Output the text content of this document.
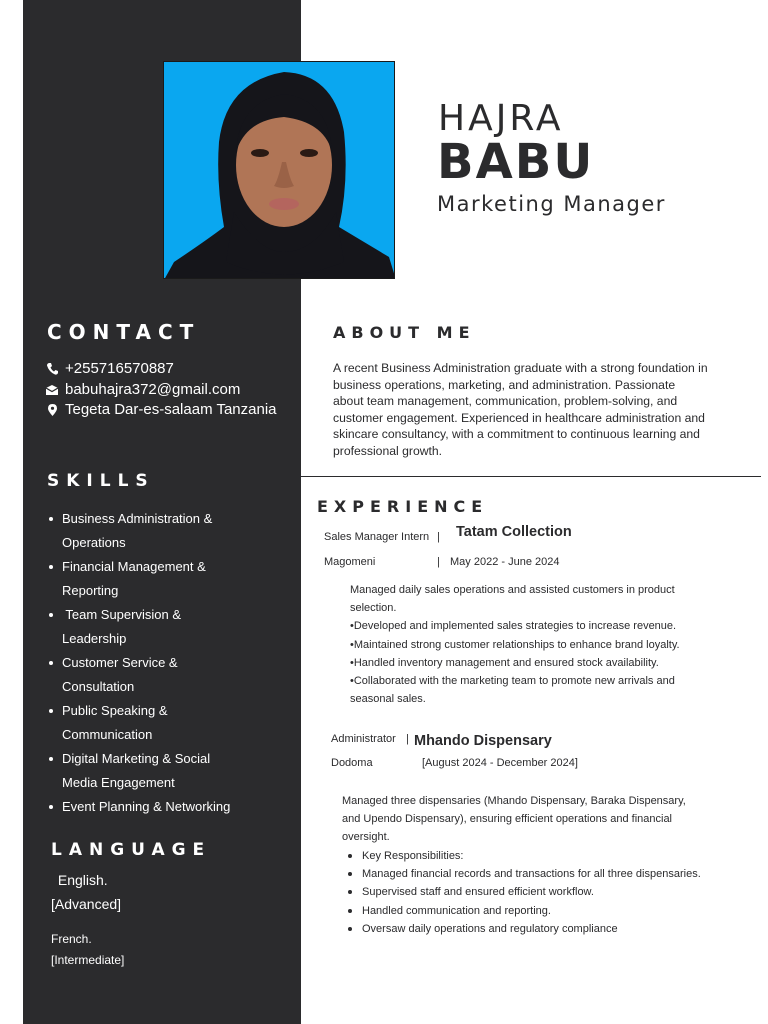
HAJRA
BABU
Marketing Manager
CONTACT
+255716570887
babuhajra372@gmail.com
Tegeta Dar-es-salaam Tanzania
SKILLS
Business Administration &
Operations
Financial Management &
Reporting
Team Supervision &
Leadership
Customer Service &
Consultation
Public Speaking &
Communication
Digital Marketing & Social
Media Engagement
Event Planning & Networking
LANGUAGE
English.
[Advanced]
French.
[Intermediate]
ABOUT ME
A recent Business Administration graduate with a strong foundation in business operations, marketing, and administration. Passionate about team management, communication, problem-solving, and customer engagement. Experienced in healthcare administration and skincare consultancy, with a commitment to continuous learning and professional growth.
EXPERIENCE
Sales Manager Intern | Tatam Collection
Magomeni	| May 2022 - June 2024
Managed daily sales operations and assisted customers in product
selection.
•Developed and implemented sales strategies to increase revenue.
•Maintained strong customer relationships to enhance brand loyalty.
•Handled inventory management and ensured stock availability.
•Collaborated with the marketing team to promote new arrivals and
seasonal sales.
Administrator | Mhando Dispensary
Dodoma	[August 2024 - December 2024]
Managed three dispensaries (Mhando Dispensary, Baraka Dispensary,
and Upendo Dispensary), ensuring efficient operations and financial
oversight.
Key Responsibilities:
Managed financial records and transactions for all three dispensaries.
Supervised staff and ensured efficient workflow.
Handled communication and reporting.
Oversaw daily operations and regulatory compliance
